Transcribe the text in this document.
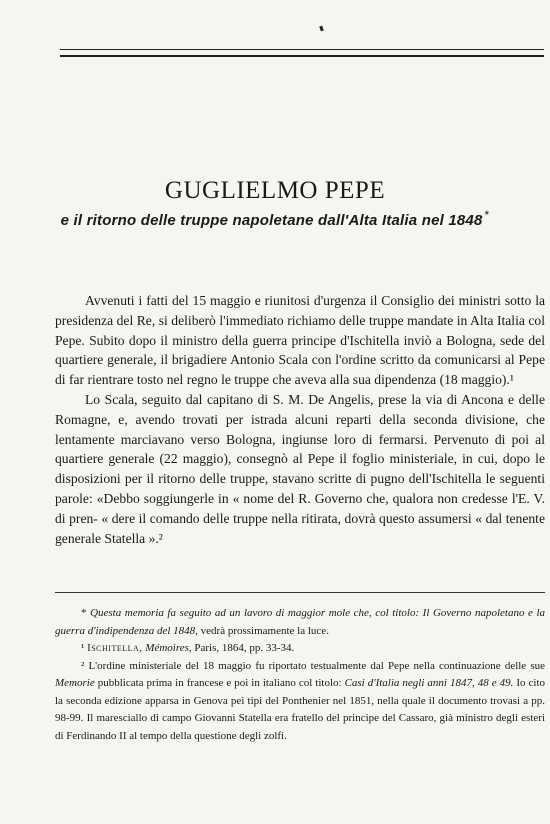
GUGLIELMO PEPE
e il ritorno delle truppe napoletane dall'Alta Italia nel 1848 *

Avvenuti i fatti del 15 maggio e riunitosi d'urgenza il Consiglio dei ministri sotto la presidenza del Re, si deliberò l'immediato richiamo delle truppe mandate in Alta Italia col Pepe. Subito dopo il ministro della guerra principe d'Ischitella inviò a Bologna, sede del quartiere generale, il brigadiere Antonio Scala con l'ordine scritto da comunicarsi al Pepe di far rientrare tosto nel regno le truppe che aveva alla sua dipendenza (18 maggio).¹

Lo Scala, seguito dal capitano di S. M. De Angelis, prese la via di Ancona e delle Romagne, e, avendo trovati per istrada alcuni reparti della seconda divisione, che lentamente marciavano verso Bologna, ingiunse loro di fermarsi. Pervenuto di poi al quartiere generale (22 maggio), consegnò al Pepe il foglio ministeriale, in cui, dopo le disposizioni per il ritorno delle truppe, stavano scritte di pugno dell'Ischitella le seguenti parole: «Debbo soggiungerle in « nome del R. Governo che, qualora non credesse l'E. V. di pren- « dere il comando delle truppe nella ritirata, dovrà questo assumersi « dal tenente generale Statella ».²

* Questa memoria fa seguito ad un lavoro di maggior mole che, col titolo: Il Governo napoletano e la guerra d'indipendenza del 1848, vedrà prossimamente la luce.

¹ Ischitella, Mémoires, Paris, 1864, pp. 33-34.

² L'ordine ministeriale del 18 maggio fu riportato testualmente dal Pepe nella continuazione delle sue Memorie pubblicata prima in francese e poi in italiano col titolo: Casi d'Italia negli anni 1847, 48 e 49. Io cito la seconda edizione apparsa in Genova pei tipi del Ponthenier nel 1851, nella quale il documento trovasi a pp. 98-99. Il maresciallo di campo Giovanni Statella era fratello del principe del Cassaro, già ministro degli esteri di Ferdinando II al tempo della questione degli zolfi.
